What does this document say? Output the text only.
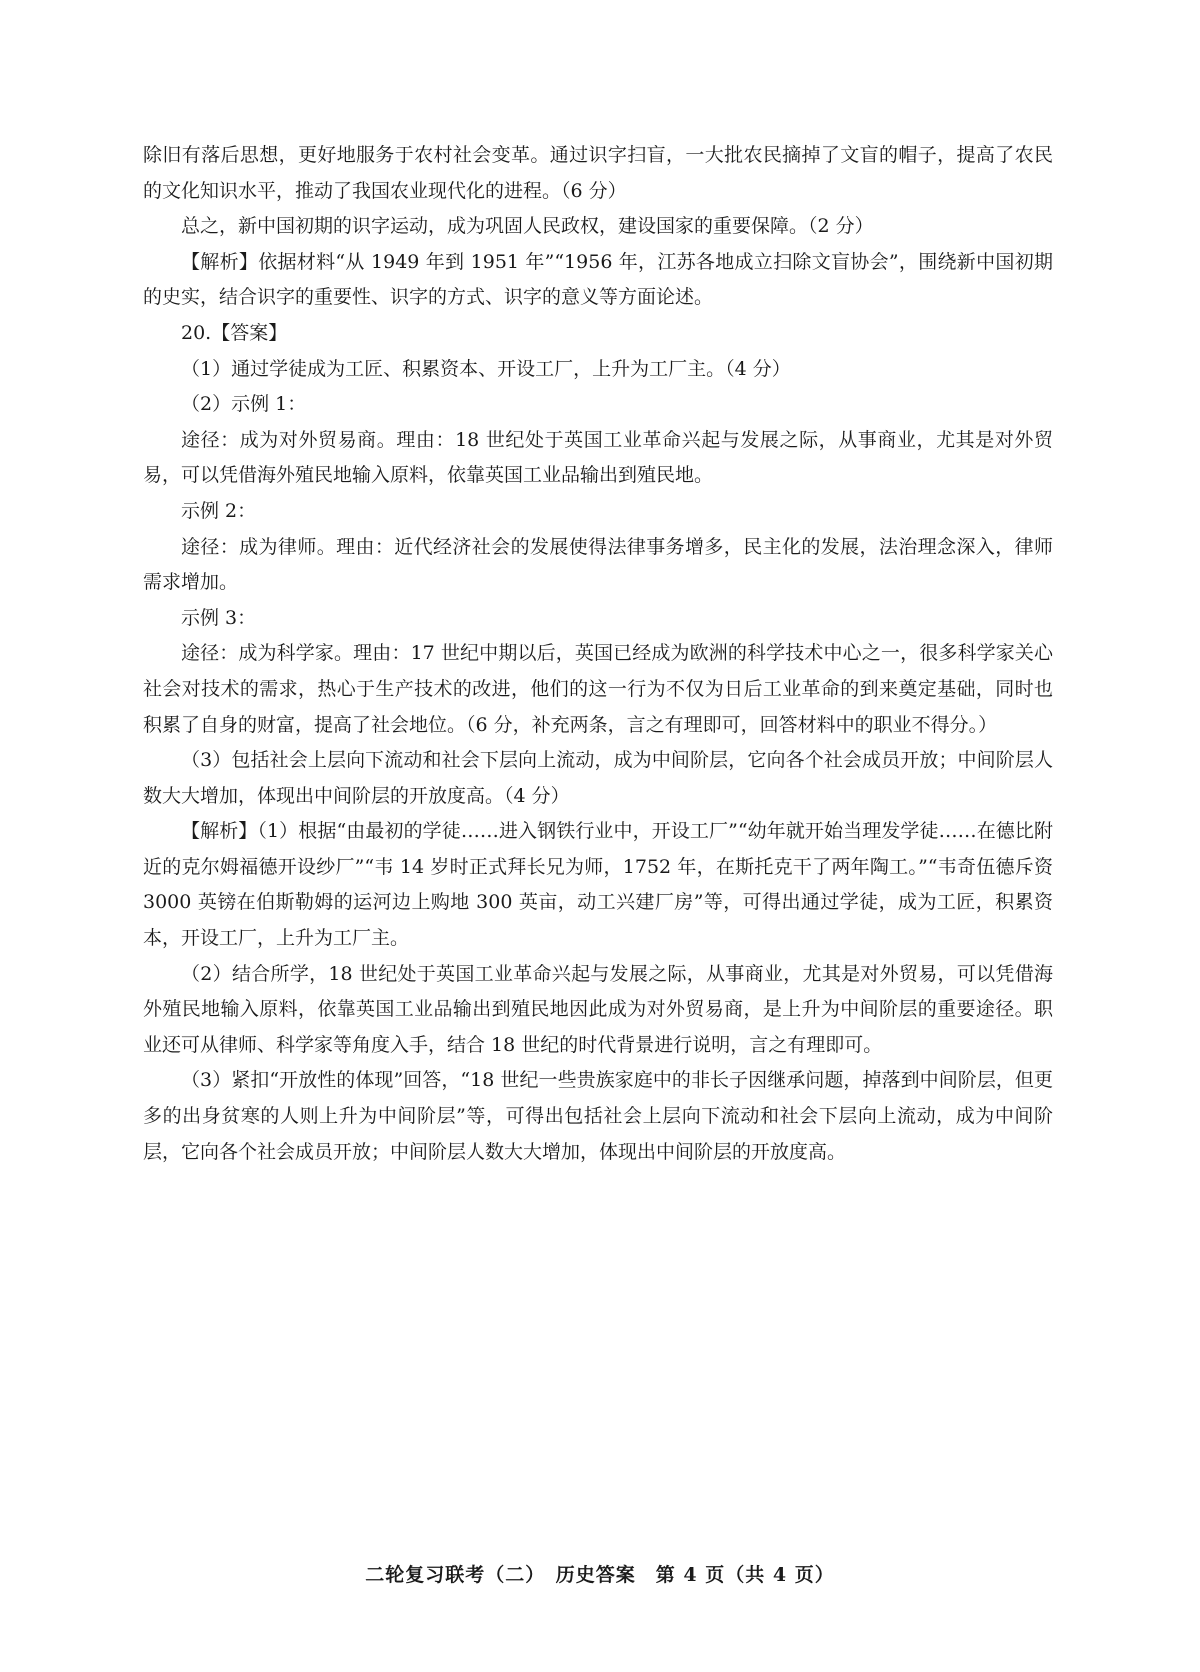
除旧有落后思想，更好地服务于农村社会变革。通过识字扫盲，一大批农民摘掉了文盲的帽子，提高了农民的文化知识水平，推动了我国农业现代化的进程。（6 分）

总之，新中国初期的识字运动，成为巩固人民政权，建设国家的重要保障。（2 分）

【解析】依据材料“从 1949 年到 1951 年”“1956 年，江苏各地成立扫除文盲协会”，围绕新中国初期的史实，结合识字的重要性、识字的方式、识字的意义等方面论述。

20.【答案】

（1）通过学徒成为工匠、积累资本、开设工厂，上升为工厂主。（4 分）

（2）示例 1：

途径：成为对外贸易商。理由：18 世纪处于英国工业革命兴起与发展之际，从事商业，尤其是对外贸易，可以凭借海外殖民地输入原料，依靠英国工业品输出到殖民地。

示例 2：

途径：成为律师。理由：近代经济社会的发展使得法律事务增多，民主化的发展，法治理念深入，律师需求增加。

示例 3：

途径：成为科学家。理由：17 世纪中期以后，英国已经成为欧洲的科学技术中心之一，很多科学家关心社会对技术的需求，热心于生产技术的改进，他们的这一行为不仅为日后工业革命的到来奠定基础，同时也积累了自身的财富，提高了社会地位。（6 分，补充两条，言之有理即可，回答材料中的职业不得分。）

（3）包括社会上层向下流动和社会下层向上流动，成为中间阶层，它向各个社会成员开放；中间阶层人数大大增加，体现出中间阶层的开放度高。（4 分）

【解析】（1）根据“由最初的学徒……进入钢铁行业中，开设工厂”“幼年就开始当理发学徒……在德比附近的克尔姆福德开设纱厂”“韦 14 岁时正式拜长兄为师，1752 年，在斯托克干了两年陶工。”“韦奇伍德斥资 3000 英镑在伯斯勒姆的运河边上购地 300 英亩，动工兴建厂房”等，可得出通过学徒，成为工匠，积累资本，开设工厂，上升为工厂主。

（2）结合所学，18 世纪处于英国工业革命兴起与发展之际，从事商业，尤其是对外贸易，可以凭借海外殖民地输入原料，依靠英国工业品输出到殖民地因此成为对外贸易商，是上升为中间阶层的重要途径。职业还可从律师、科学家等角度入手，结合 18 世纪的时代背景进行说明，言之有理即可。

（3）紧扣“开放性的体现”回答，“18 世纪一些贵族家庭中的非长子因继承问题，掉落到中间阶层，但更多的出身贫寒的人则上升为中间阶层”等，可得出包括社会上层向下流动和社会下层向上流动，成为中间阶层，它向各个社会成员开放；中间阶层人数大大增加，体现出中间阶层的开放度高。

二轮复习联考（二）　历史答案　第 4 页（共 4 页）
